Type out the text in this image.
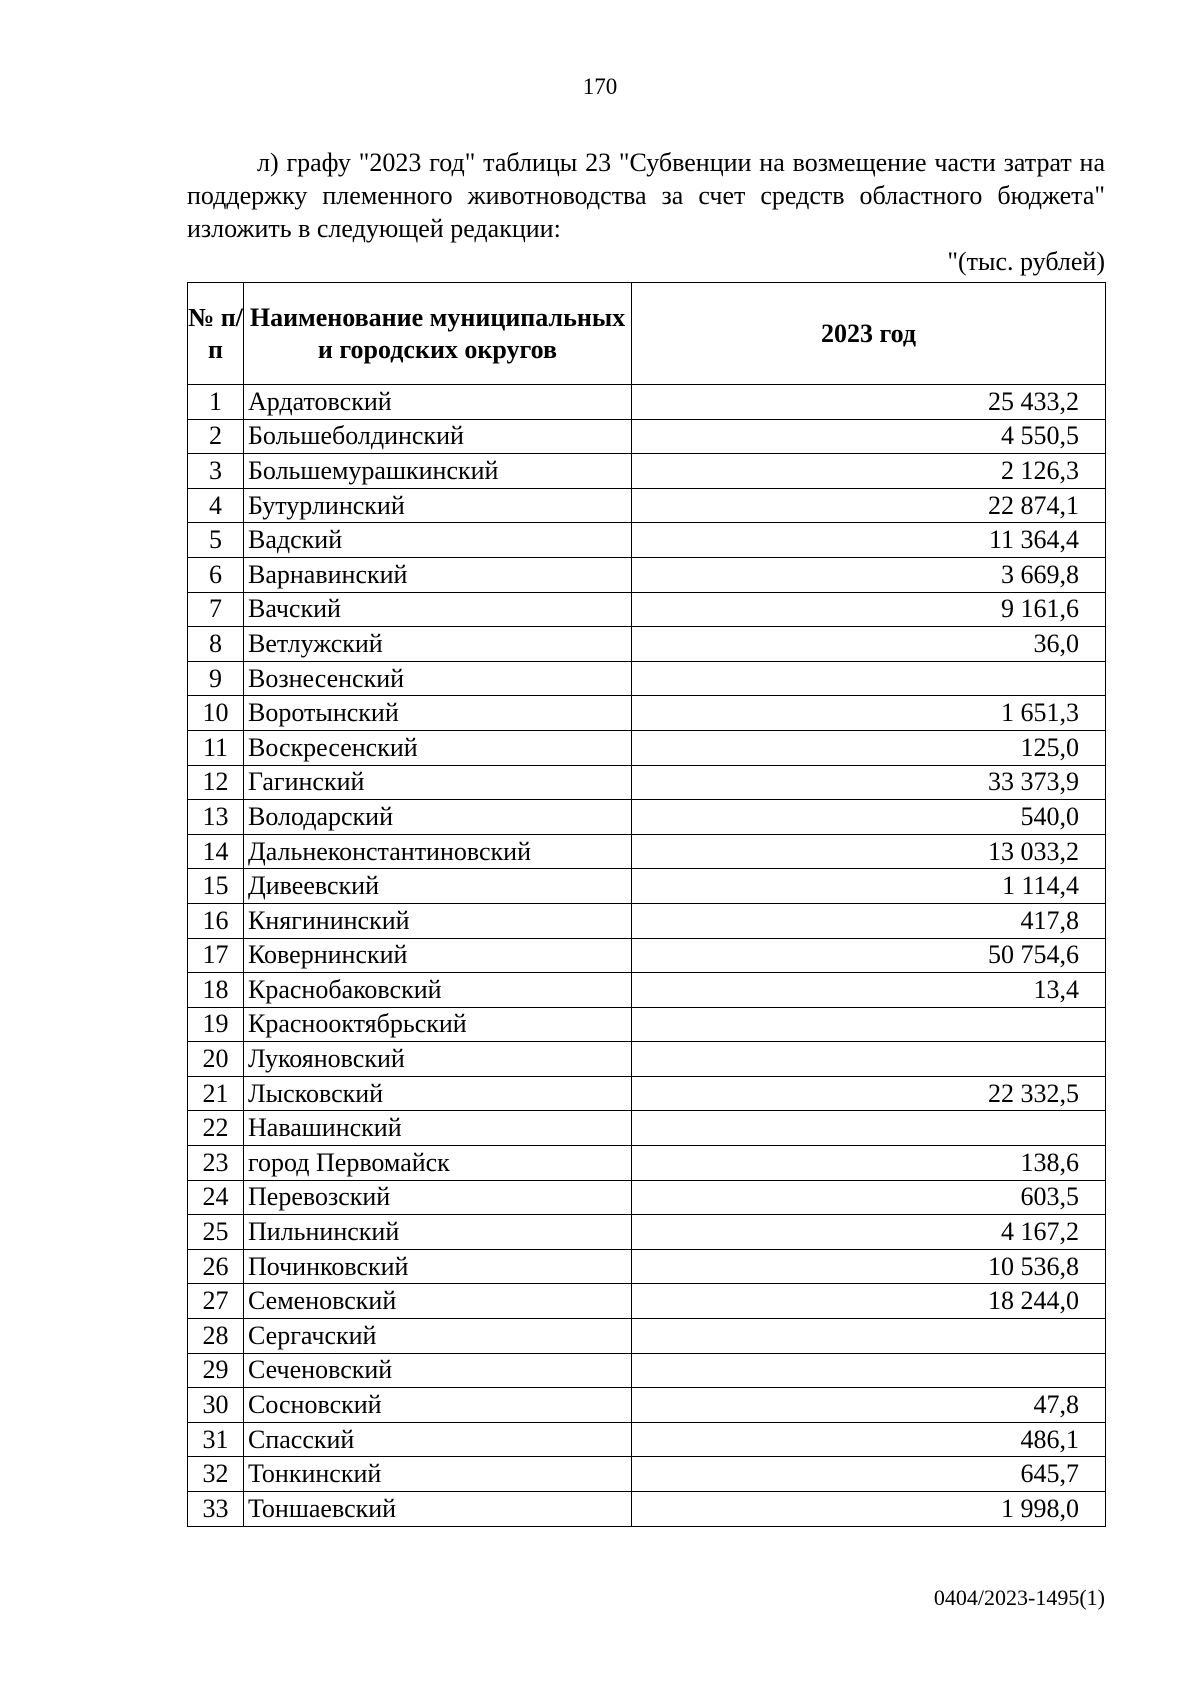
170
л) графу "2023 год" таблицы 23 "Субвенции на возмещение части затрат на поддержку племенного животноводства за счет средств областного бюджета" изложить в следующей редакции:
"(тыс. рублей)
№ п/п	Наименование муниципальных и городских округов	2023 год
1	Ардатовский	25 433,2
2	Большеболдинский	4 550,5
3	Большемурашкинский	2 126,3
4	Бутурлинский	22 874,1
5	Вадский	11 364,4
6	Варнавинский	3 669,8
7	Вачский	9 161,6
8	Ветлужский	36,0
9	Вознесенский	
10	Воротынский	1 651,3
11	Воскресенский	125,0
12	Гагинский	33 373,9
13	Володарский	540,0
14	Дальнеконстантиновский	13 033,2
15	Дивеевский	1 114,4
16	Княгининский	417,8
17	Ковернинский	50 754,6
18	Краснобаковский	13,4
19	Краснооктябрьский	
20	Лукояновский	
21	Лысковский	22 332,5
22	Навашинский	
23	город Первомайск	138,6
24	Перевозский	603,5
25	Пильнинский	4 167,2
26	Починковский	10 536,8
27	Семеновский	18 244,0
28	Сергачский	
29	Сеченовский	
30	Сосновский	47,8
31	Спасский	486,1
32	Тонкинский	645,7
33	Тоншаевский	1 998,0
0404/2023-1495(1)
